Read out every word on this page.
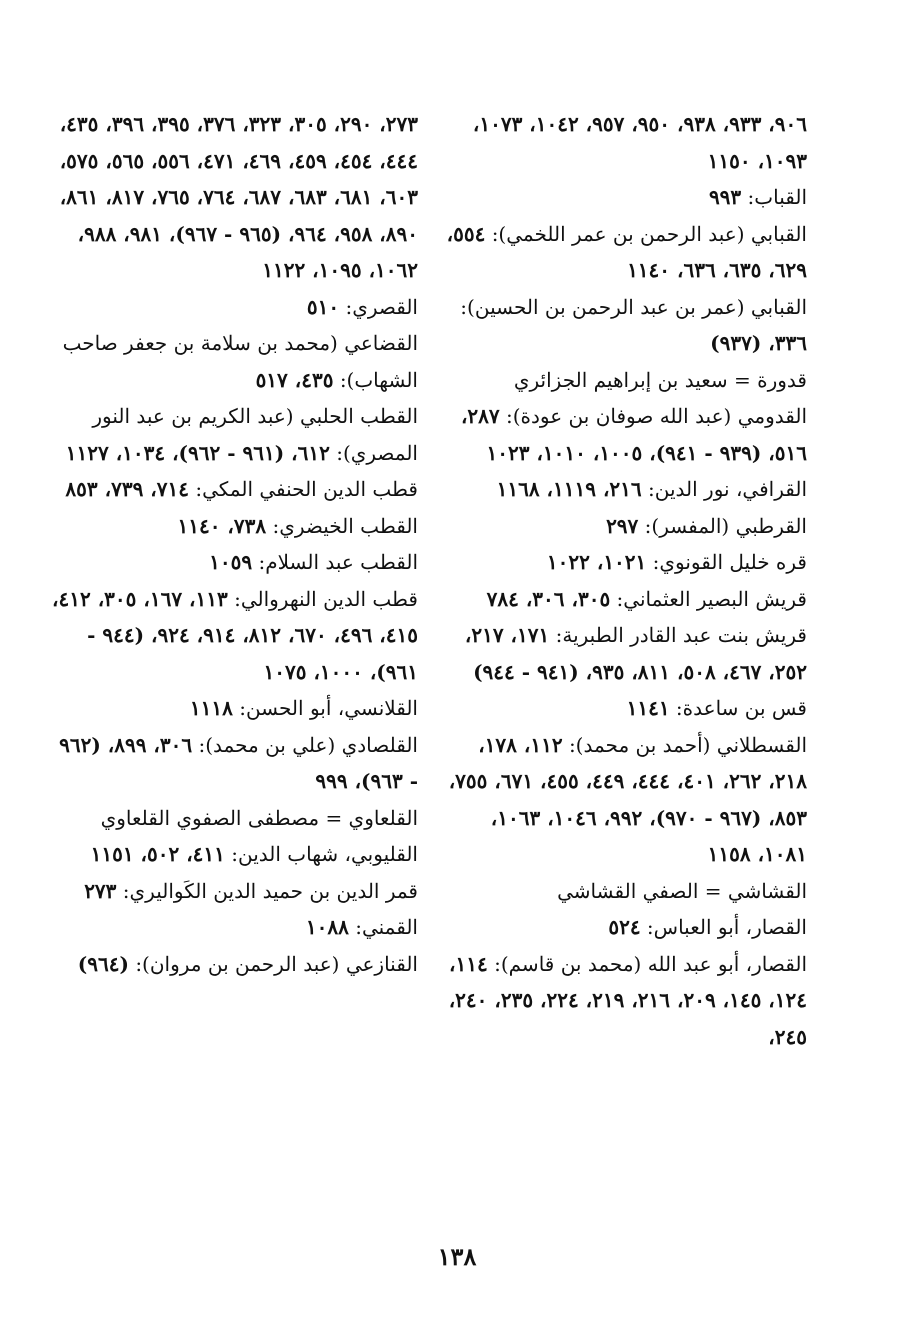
٩٠٦، ٩٣٣، ٩٣٨، ٩٥٠، ٩٥٧، ١٠٤٢، ١٠٧٣، ١٠٩٣، ١١٥٠

القباب: ٩٩٣

القبابي (عبد الرحمن بن عمر اللخمي): ٥٥٤، ٦٢٩، ٦٣٥، ٦٣٦، ١١٤٠

القبابي (عمر بن عبد الرحمن بن الحسين): ٣٣٦، (٩٣٧)

قدورة = سعيد بن إبراهيم الجزائري

القدومي (عبد الله صوفان بن عودة): ٢٨٧، ٥١٦، (٩٣٩ - ٩٤١)، ١٠٠٥، ١٠١٠، ١٠٢٣

القرافي، نور الدين: ٢١٦، ١١١٩، ١١٦٨

القرطبي (المفسر): ٢٩٧

قره خليل القونوي: ١٠٢١، ١٠٢٢

قريش البصير العثماني: ٣٠٥، ٣٠٦، ٧٨٤

قريش بنت عبد القادر الطبرية: ١٧١، ٢١٧، ٢٥٢، ٤٦٧، ٥٠٨، ٨١١، ٩٣٥، (٩٤١ - ٩٤٤)

قس بن ساعدة: ١١٤١

القسطلاني (أحمد بن محمد): ١١٢، ١٧٨، ٢١٨، ٢٦٢، ٤٠١، ٤٤٤، ٤٤٩، ٤٥٥، ٦٧١، ٧٥٥، ٨٥٣، (٩٦٧ - ٩٧٠)، ٩٩٢، ١٠٤٦، ١٠٦٣، ١٠٨١، ١١٥٨

القشاشي = الصفي القشاشي

القصار، أبو العباس: ٥٢٤

القصار، أبو عبد الله (محمد بن قاسم): ١١٤، ١٢٤، ١٤٥، ٢٠٩، ٢١٦، ٢١٩، ٢٢٤، ٢٣٥، ٢٤٠، ٢٤٥،

٢٧٣، ٢٩٠، ٣٠٥، ٣٢٣، ٣٧٦، ٣٩٥، ٣٩٦، ٤٣٥، ٤٤٤، ٤٥٤، ٤٥٩، ٤٦٩، ٤٧١، ٥٥٦، ٥٦٥، ٥٧٥، ٦٠٣، ٦٨١، ٦٨٣، ٦٨٧، ٧٦٤، ٧٦٥، ٨١٧، ٨٦١، ٨٩٠، ٩٥٨، ٩٦٤، (٩٦٥ - ٩٦٧)، ٩٨١، ٩٨٨، ١٠٦٢، ١٠٩٥، ١١٢٢

القصري: ٥١٠

القضاعي (محمد بن سلامة بن جعفر صاحب الشهاب): ٤٣٥، ٥١٧

القطب الحلبي (عبد الكريم بن عبد النور المصري): ٦١٢، (٩٦١ - ٩٦٢)، ١٠٣٤، ١١٢٧

قطب الدين الحنفي المكي: ٧١٤، ٧٣٩، ٨٥٣

القطب الخيضري: ٧٣٨، ١١٤٠

القطب عبد السلام: ١٠٥٩

قطب الدين النهروالي: ١١٣، ١٦٧، ٣٠٥، ٤١٢، ٤١٥، ٤٩٦، ٦٧٠، ٨١٢، ٩١٤، ٩٢٤، (٩٤٤ - ٩٦١)، ١٠٠٠، ١٠٧٥

القلانسي، أبو الحسن: ١١١٨

القلصادي (علي بن محمد): ٣٠٦، ٨٩٩، (٩٦٢ - ٩٦٣)، ٩٩٩

القلعاوي = مصطفى الصفوي القلعاوي

القليوبي، شهاب الدين: ٤١١، ٥٠٢، ١١٥١

قمر الدين بن حميد الدين الكَواليري: ٢٧٣

القمني: ١٠٨٨

القنازعي (عبد الرحمن بن مروان): (٩٦٤)

١٣٨
